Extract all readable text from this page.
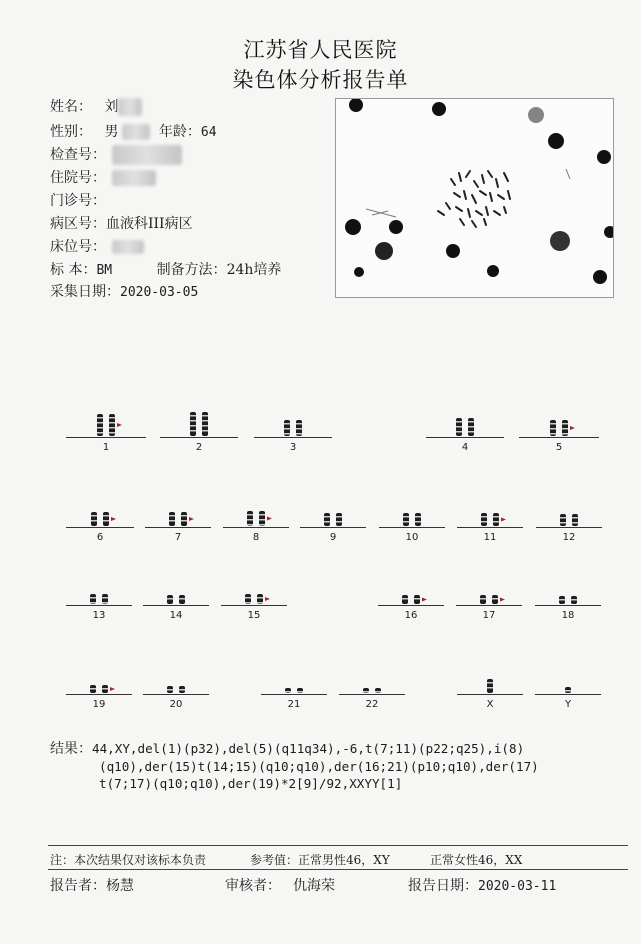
江苏省人民医院
染色体分析报告单
姓名： 刘
性别： 男	年龄：64
检查号：
住院号：
门诊号：
病区号：血液科III病区
床位号：
标 本：BM	制备方法：24h培养
采集日期：2020-03-05
1	2	3	4	5
6	7	8	9	10	11	12
13	14	15	16	17	18
19	20	21	22	X	Y
结果：44,XY,del(1)(p32),del(5)(q11q34),-6,t(7;11)(p22;q25),i(8)
(q10),der(15)t(14;15)(q10;q10),der(16;21)(p10;q10),der(17)
t(7;17)(q10;q10),der(19)*2[9]/92,XXYY[1]
注：本次结果仅对该标本负责	参考值：正常男性46，XY	正常女性46，XX
报告者：杨慧	审核者： 仇海荣	报告日期：2020-03-11
